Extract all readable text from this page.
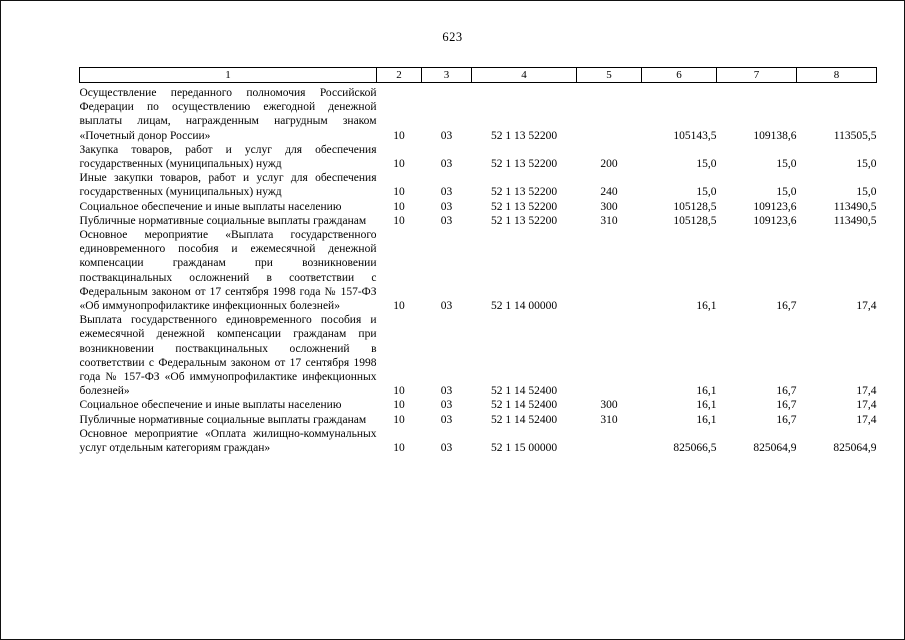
623
1	2	3	4	5	6	7	8
Осуществление переданного полномочия Российской Федерации по осуществлению ежегодной денежной выплаты лицам, награжденным нагрудным знаком «Почетный донор России»	10	03	52 1 13 52200		105143,5	109138,6	113505,5
Закупка товаров, работ и услуг для обеспечения государственных (муниципальных) нужд	10	03	52 1 13 52200	200	15,0	15,0	15,0
Иные закупки товаров, работ и услуг для обеспечения государственных (муниципальных) нужд	10	03	52 1 13 52200	240	15,0	15,0	15,0
Социальное обеспечение и иные выплаты населению	10	03	52 1 13 52200	300	105128,5	109123,6	113490,5
Публичные нормативные социальные выплаты гражданам	10	03	52 1 13 52200	310	105128,5	109123,6	113490,5
Основное мероприятие «Выплата государственного единовременного пособия и ежемесячной денежной компенсации гражданам при возникновении поствакцинальных осложнений в соответствии с Федеральным законом от 17 сентября 1998 года № 157-ФЗ «Об иммунопрофилактике инфекционных болезней»	10	03	52 1 14 00000		16,1	16,7	17,4
Выплата государственного единовременного пособия и ежемесячной денежной компенсации гражданам при возникновении поствакцинальных осложнений в соответствии с Федеральным законом от 17 сентября 1998 года № 157-ФЗ «Об иммунопрофилактике инфекционных болезней»	10	03	52 1 14 52400		16,1	16,7	17,4
Социальное обеспечение и иные выплаты населению	10	03	52 1 14 52400	300	16,1	16,7	17,4
Публичные нормативные социальные выплаты гражданам	10	03	52 1 14 52400	310	16,1	16,7	17,4
Основное мероприятие «Оплата жилищно-коммунальных услуг отдельным категориям граждан»	10	03	52 1 15 00000		825066,5	825064,9	825064,9
